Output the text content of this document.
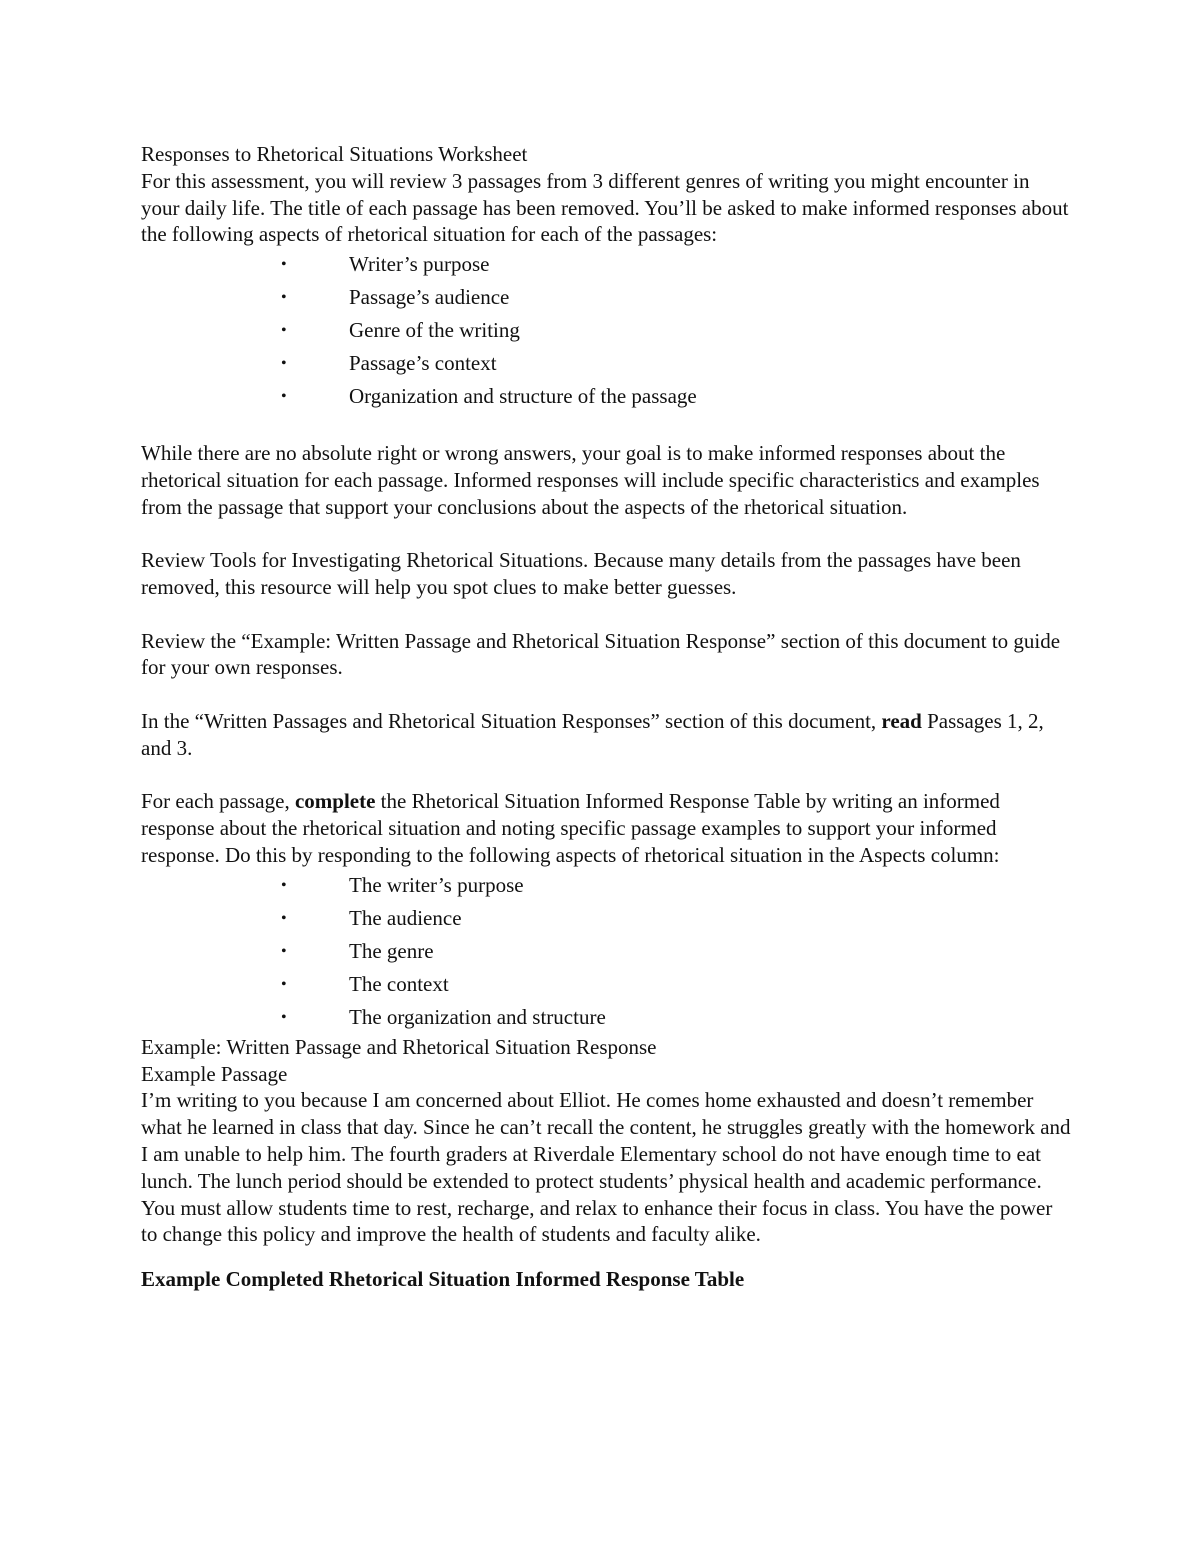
Responses to Rhetorical Situations Worksheet

For this assessment, you will review 3 passages from 3 different genres of writing you might encounter in your daily life. The title of each passage has been removed. You’ll be asked to make informed responses about the following aspects of rhetorical situation for each of the passages:

•	Writer’s purpose
•	Passage’s audience
•	Genre of the writing
•	Passage’s context
•	Organization and structure of the passage

While there are no absolute right or wrong answers, your goal is to make informed responses about the rhetorical situation for each passage. Informed responses will include specific characteristics and examples from the passage that support your conclusions about the aspects of the rhetorical situation.

Review Tools for Investigating Rhetorical Situations. Because many details from the passages have been removed, this resource will help you spot clues to make better guesses.

Review the “Example: Written Passage and Rhetorical Situation Response” section of this document to guide for your own responses.

In the “Written Passages and Rhetorical Situation Responses” section of this document, read Passages 1, 2, and 3.

For each passage, complete the Rhetorical Situation Informed Response Table by writing an informed response about the rhetorical situation and noting specific passage examples to support your informed response. Do this by responding to the following aspects of rhetorical situation in the Aspects column:

•	The writer’s purpose
•	The audience
•	The genre
•	The context
•	The organization and structure

Example: Written Passage and Rhetorical Situation Response

Example Passage

I’m writing to you because I am concerned about Elliot. He comes home exhausted and doesn’t remember what he learned in class that day. Since he can’t recall the content, he struggles greatly with the homework and I am unable to help him. The fourth graders at Riverdale Elementary school do not have enough time to eat lunch. The lunch period should be extended to protect students’ physical health and academic performance. You must allow students time to rest, recharge, and relax to enhance their focus in class. You have the power to change this policy and improve the health of students and faculty alike.

Example Completed Rhetorical Situation Informed Response Table
